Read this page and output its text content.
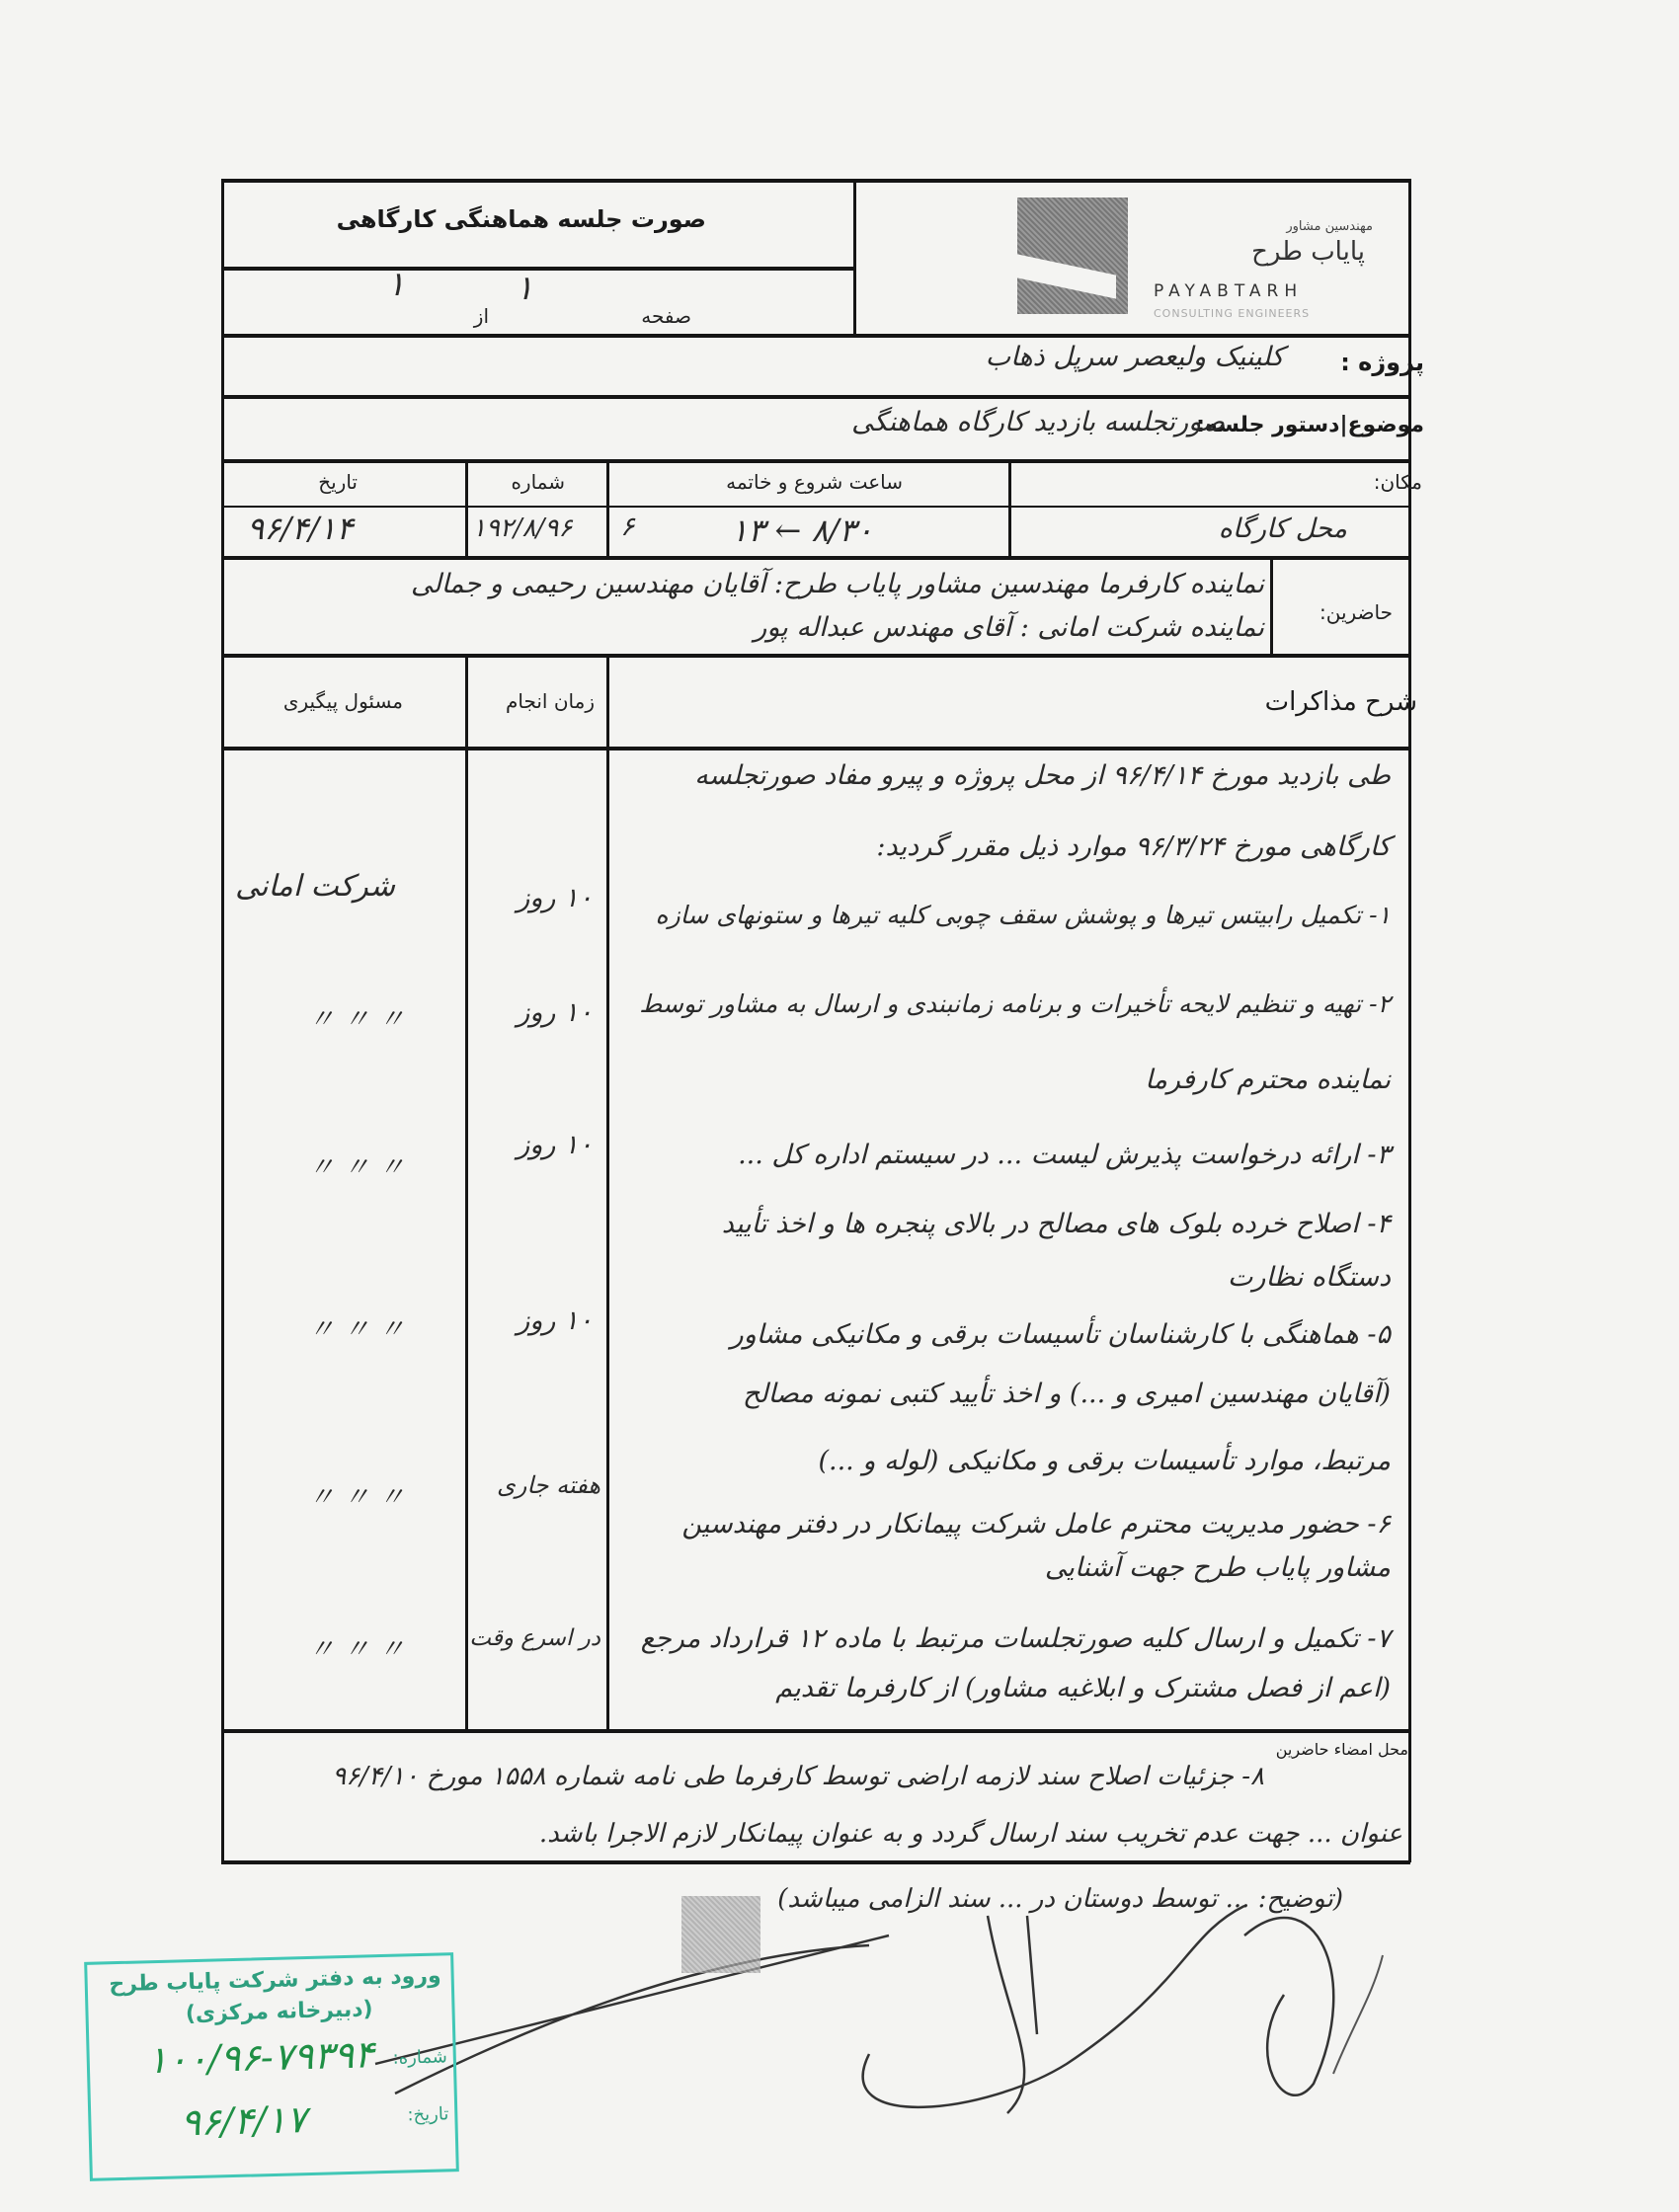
صورت جلسه هماهنگی کارگاهی
صفحه
۱
از
۱
مهندسین مشاور
پایاب طرح
PAYABTARH
CONSULTING ENGINEERS
پروژه :
کلینیک ولیعصر سرپل ذهاب
موضوع|دستور جلسه:
صورتجلسه بازدید کارگاه هماهنگی
مکان:
محل کارگاه
ساعت شروع و خاتمه
۶	۸/۳۰ ← ۱۳
شماره
۱۹۲/۸/۹۶
تاریخ
۹۶/۴/۱۴
حاضرین:
نماینده کارفرما مهندسین مشاور پایاب طرح: آقایان مهندسین رحیمی و جمالی
نماینده شرکت امانی : آقای مهندس عبداله پور
شرح مذاکرات
زمان انجام
مسئول پیگیری
طی بازدید مورخ ۹۶/۴/۱۴ از محل پروژه و پیرو مفاد صورتجلسه
کارگاهی مورخ ۹۶/۳/۲۴ موارد ذیل مقرر گردید:
۱- تکمیل رابیتس تیرها و پوشش سقف چوبی کلیه تیرها و ستونهای سازه
۲- تهیه و تنظیم لایحه تأخیرات و برنامه زمانبندی و ارسال به مشاور توسط
نماینده محترم کارفرما
۳- ارائه درخواست پذیرش لیست ... در سیستم اداره کل ...
۴- اصلاح خرده بلوک های مصالح در بالای پنجره ها و اخذ تأیید
دستگاه نظارت
۵- هماهنگی با کارشناسان تأسیسات برقی و مکانیکی مشاور
(آقایان مهندسین امیری و ...) و اخذ تأیید کتبی نمونه مصالح
مرتبط، موارد تأسیسات برقی و مکانیکی (لوله و ...)
۶- حضور مدیریت محترم عامل شرکت پیمانکار در دفتر مهندسین
مشاور پایاب طرح جهت آشنایی
۷- تکمیل و ارسال کلیه صورتجلسات مرتبط با ماده ۱۲ قرارداد مرجع
(اعم از فصل مشترک و ابلاغیه مشاور) از کارفرما تقدیم
۱۰ روز
۱۰ روز
۱۰ روز
۱۰ روز
هفته جاری
در اسرع وقت
شرکت امانی
〃 〃 〃
〃 〃 〃
〃 〃 〃
〃 〃 〃
〃 〃 〃
محل امضاء حاضرین
۸- جزئیات اصلاح سند لازمه اراضی توسط کارفرما طی نامه شماره ۱۵۵۸ مورخ ۹۶/۴/۱۰
عنوان ... جهت عدم تخریب سند ارسال گردد و به عنوان پیمانکار لازم الاجرا باشد.
(توضیح: ... توسط دوستان در ... سند الزامی میباشد)
ورود به دفتر شرکت پایاب طرح
(دبیرخانه مرکزی)
شماره:
۱۰۰/۹۶-۷۹۳۹۴
تاریخ:
۹۶/۴/۱۷
